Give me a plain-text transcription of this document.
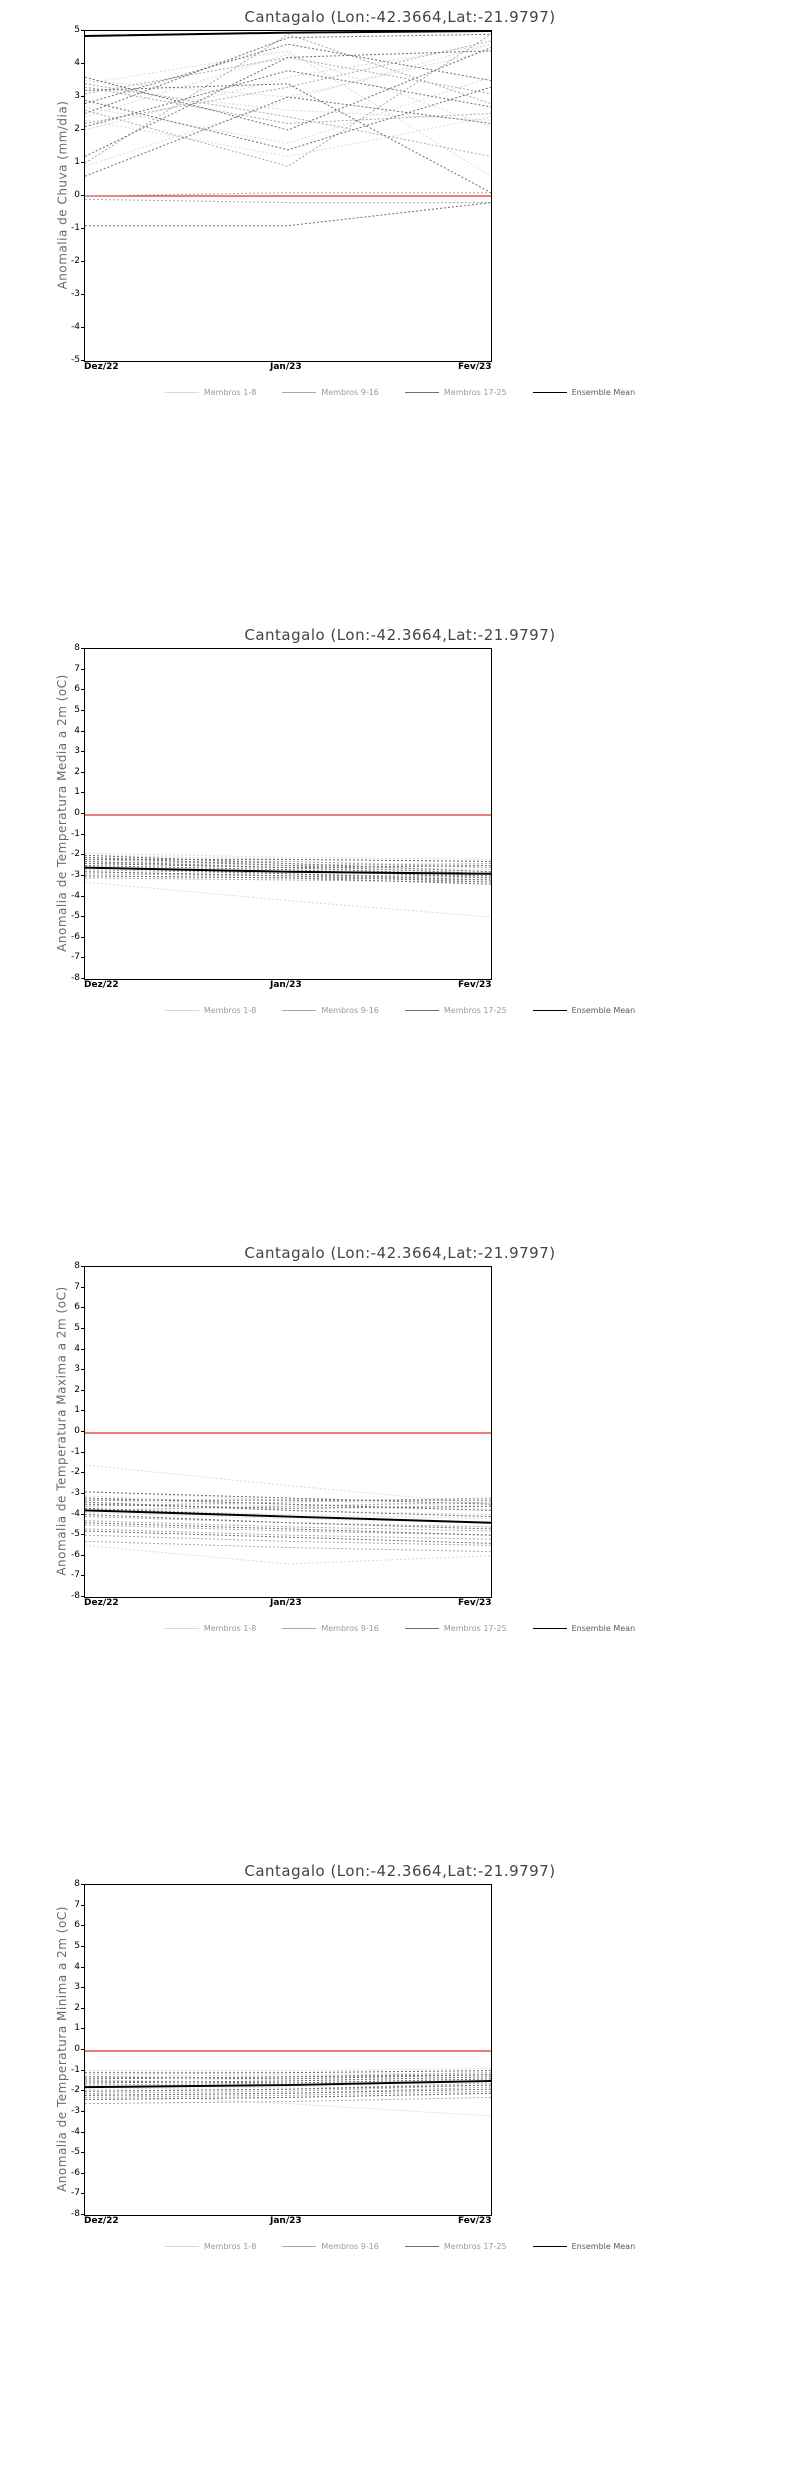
Cantagalo (Lon:-42.3664,Lat:-21.9797)
Anomalia de Chuva (mm/dia)
-5
-4
-3
-2
-1
0
1
2
3
4
5
Dez/22	Jan/23	Fev/23
Membros 1-8	Membros 9-16	Membros 17-25	Ensemble Mean
Cantagalo (Lon:-42.3664,Lat:-21.9797)
Anomalia de Temperatura Media a 2m (oC)
-8
-7
-6
-5
-4
-3
-2
-1
0
1
2
3
4
5
6
7
8
Dez/22	Jan/23	Fev/23
Membros 1-8	Membros 9-16	Membros 17-25	Ensemble Mean
Cantagalo (Lon:-42.3664,Lat:-21.9797)
Anomalia de Temperatura Maxima a 2m (oC)
-8
-7
-6
-5
-4
-3
-2
-1
0
1
2
3
4
5
6
7
8
Dez/22	Jan/23	Fev/23
Membros 1-8	Membros 9-16	Membros 17-25	Ensemble Mean
Cantagalo (Lon:-42.3664,Lat:-21.9797)
Anomalia de Temperatura Minima a 2m (oC)
-8
-7
-6
-5
-4
-3
-2
-1
0
1
2
3
4
5
6
7
8
Dez/22	Jan/23	Fev/23
Membros 1-8	Membros 9-16	Membros 17-25	Ensemble Mean
